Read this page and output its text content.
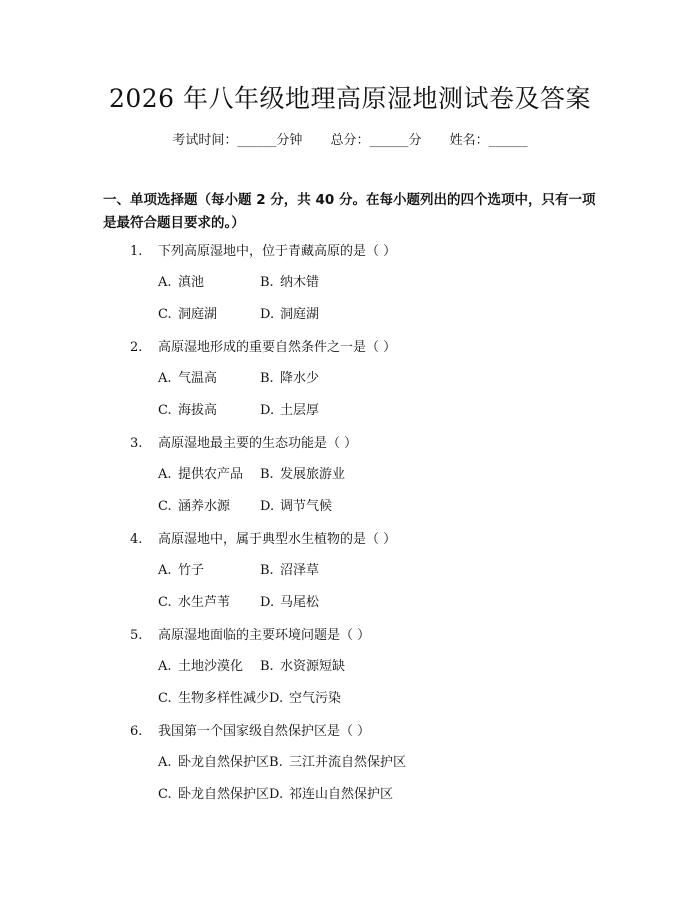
2026 年八年级地理高原湿地测试卷及答案
考试时间：______分钟 总分：______分 姓名：______
一、单项选择题（每小题 2 分，共 40 分。在每小题列出的四个选项中，只有一项是最符合题目要求的。）
1. 下列高原湿地中，位于青藏高原的是（ ）
A. 滇池	B. 纳木错
C. 洞庭湖	D. 洞庭湖
2. 高原湿地形成的重要自然条件之一是（ ）
A. 气温高	B. 降水少
C. 海拔高	D. 土层厚
3. 高原湿地最主要的生态功能是（ ）
A. 提供农产品 B. 发展旅游业
C. 涵养水源 D. 调节气候
4. 高原湿地中，属于典型水生植物的是（ ）
A. 竹子	B. 沼泽草
C. 水生芦苇 D. 马尾松
5. 高原湿地面临的主要环境问题是（ ）
A. 土地沙漠化 B. 水资源短缺
C. 生物多样性减少D. 空气污染
6. 我国第一个国家级自然保护区是（ ）
A. 卧龙自然保护区B. 三江并流自然保护区
C. 卧龙自然保护区D. 祁连山自然保护区
